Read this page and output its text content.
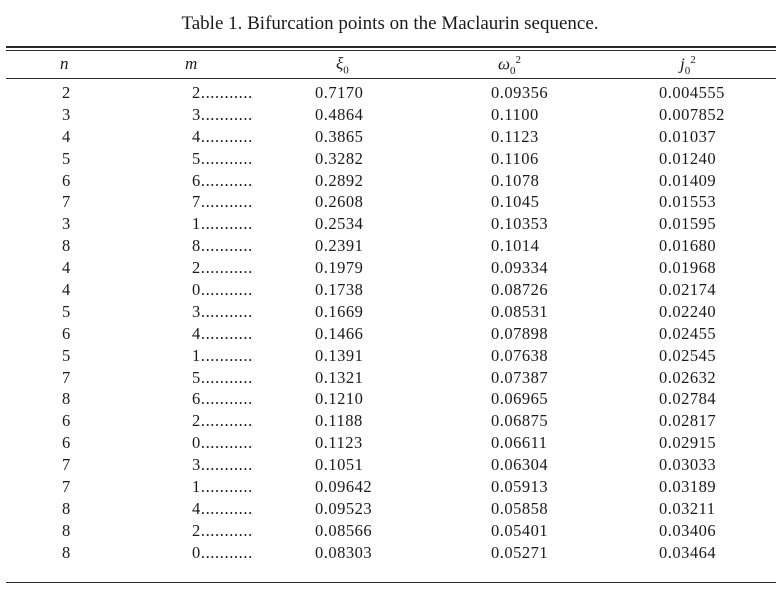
Table 1. Bifurcation points on the Maclaurin sequence.
n	m	$\xi_0$	$\omega_0^2$	$j_0^2$
2	2...........	0.7170	0.09356	0.004555
3	3...........	0.4864	0.1100	0.007852
4	4...........	0.3865	0.1123	0.01037
5	5...........	0.3282	0.1106	0.01240
6	6...........	0.2892	0.1078	0.01409
7	7...........	0.2608	0.1045	0.01553
3	1...........	0.2534	0.10353	0.01595
8	8...........	0.2391	0.1014	0.01680
4	2...........	0.1979	0.09334	0.01968
4	0...........	0.1738	0.08726	0.02174
5	3...........	0.1669	0.08531	0.02240
6	4...........	0.1466	0.07898	0.02455
5	1...........	0.1391	0.07638	0.02545
7	5...........	0.1321	0.07387	0.02632
8	6...........	0.1210	0.06965	0.02784
6	2...........	0.1188	0.06875	0.02817
6	0...........	0.1123	0.06611	0.02915
7	3...........	0.1051	0.06304	0.03033
7	1...........	0.09642	0.05913	0.03189
8	4...........	0.09523	0.05858	0.03211
8	2...........	0.08566	0.05401	0.03406
8	0...........	0.08303	0.05271	0.03464
